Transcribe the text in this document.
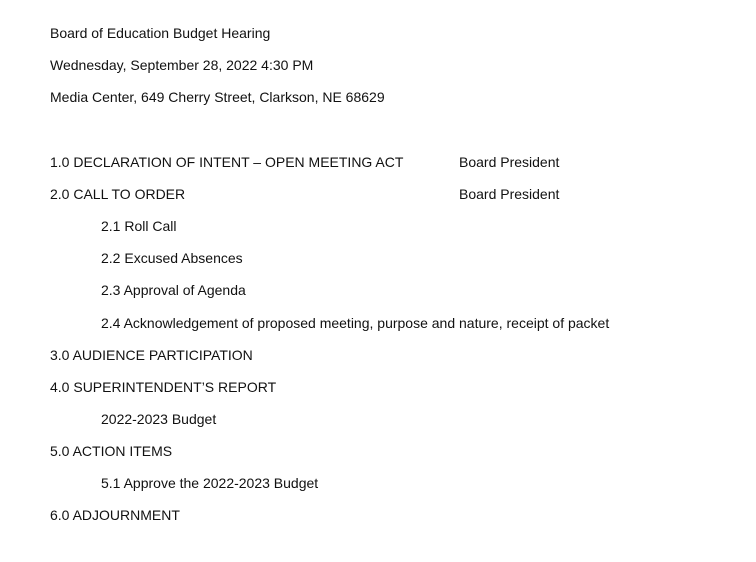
Board of Education Budget Hearing
Wednesday, September 28, 2022 4:30 PM
Media Center, 649 Cherry Street, Clarkson, NE 68629
1.0 DECLARATION OF INTENT – OPEN MEETING ACT	Board President
2.0 CALL TO ORDER	Board President
2.1 Roll Call
2.2 Excused Absences
2.3 Approval of Agenda
2.4 Acknowledgement of proposed meeting, purpose and nature, receipt of packet
3.0 AUDIENCE PARTICIPATION
4.0 SUPERINTENDENT’S REPORT
2022-2023 Budget
5.0 ACTION ITEMS
5.1 Approve the 2022-2023 Budget
6.0 ADJOURNMENT
